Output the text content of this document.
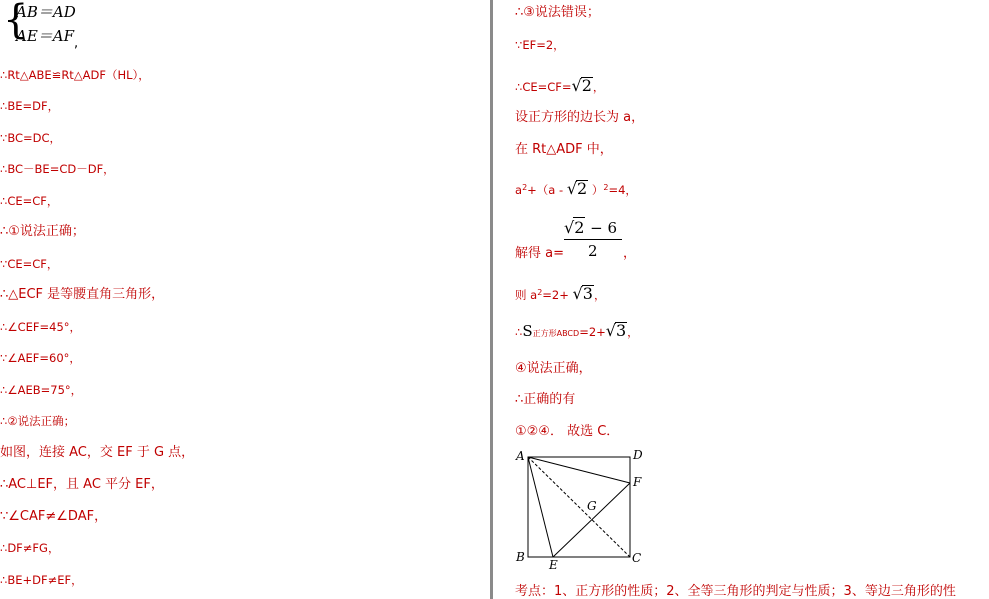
{
AB＝AD
AE＝AF ,
∴Rt△ABE≌Rt△ADF（HL），
∴BE=DF，
∵BC=DC，
∴BC－BE=CD－DF，
∴CE=CF，
∴①说法正确；
∵CE=CF，
∴△ECF 是等腰直角三角形，
∴∠CEF=45°，
∵∠AEF=60°，
∴∠AEB=75°，
∴②说法正确；
如图，连接 AC，交 EF 于 G 点，
∴AC⊥EF，且 AC 平分 EF，
∵∠CAF≠∠DAF，
∴DF≠FG，
∴BE+DF≠EF，
∴③说法错误；
∵EF=2，
∴CE=CF=√2，
设正方形的边长为 a，
在 Rt△ADF 中，
$a^2+(a - √2$ ）$^2$=4，
解得 a=
√2 − 6
2 ，
则 $a^2=2+ √3$，
∴S正方形ABCD=2+√3，
④说法正确，
∴正确的有
①②④． 故选 C．
A	D
B	C
E
F
G
考点：1、正方形的性质；2、全等三角形的判定与性质；3、等边三角形的性
